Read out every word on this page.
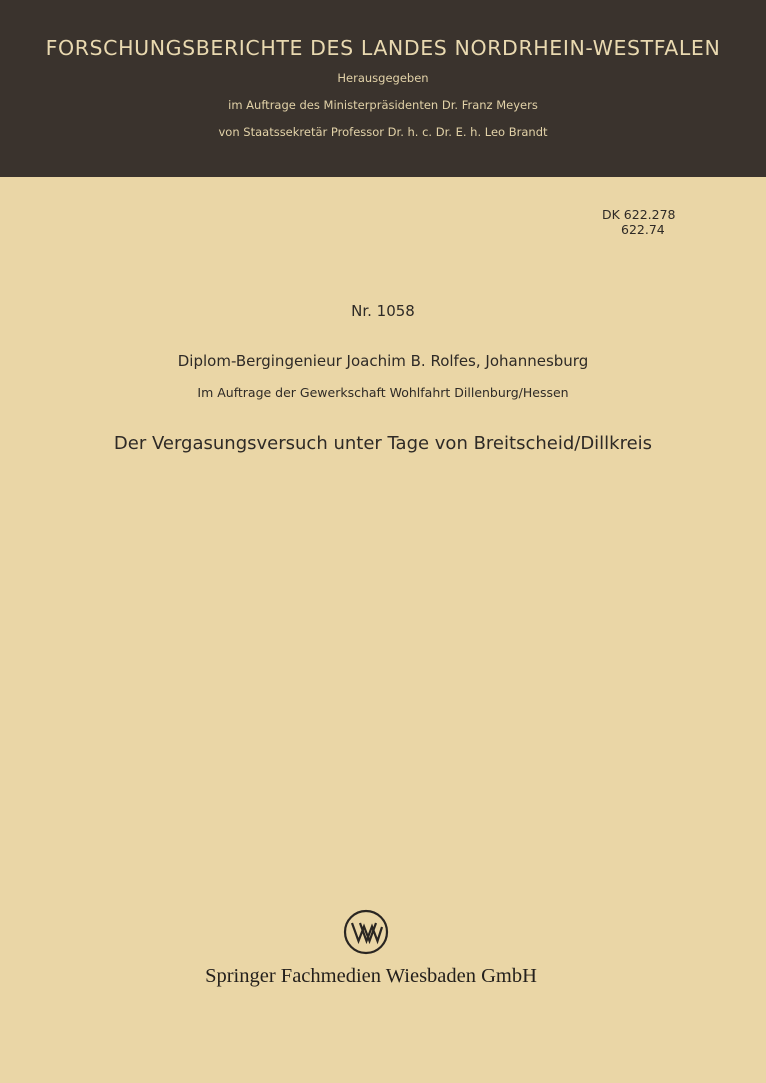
FORSCHUNGSBERICHTE DES LANDES NORDRHEIN-WESTFALEN
Herausgegeben
im Auftrage des Ministerpräsidenten Dr. Franz Meyers
von Staatssekretär Professor Dr. h. c. Dr. E. h. Leo Brandt
DK 622.278
622.74
Nr. 1058
Diplom-Bergingenieur Joachim B. Rolfes, Johannesburg
Im Auftrage der Gewerkschaft Wohlfahrt Dillenburg/Hessen
Der Vergasungsversuch unter Tage von Breitscheid/Dillkreis
Springer Fachmedien Wiesbaden GmbH
